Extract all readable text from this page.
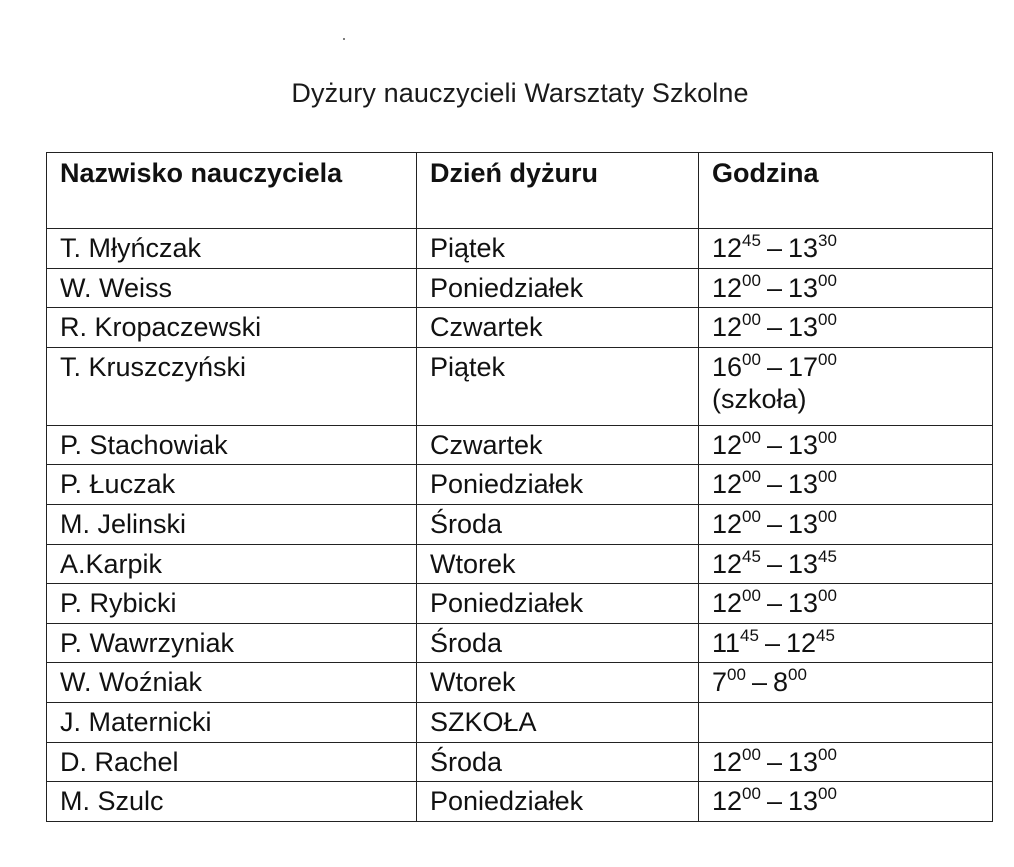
Dyżury nauczycieli Warsztaty Szkolne
Nazwisko nauczyciela	Dzień dyżuru	Godzina
T. Młyńczak	Piątek	$12^{45} - 13^{30}$
W. Weiss	Poniedziałek	$12^{00} - 13^{00}$
R. Kropaczewski	Czwartek	$12^{00} - 13^{00}$
T. Kruszczyński	Piątek	$16^{00} - 17^{00}$
(szkoła)

P. Stachowiak	Czwartek	$12^{00} - 13^{00}$
P. Łuczak	Poniedziałek	$12^{00} - 13^{00}$
M. Jelinski	Środa	$12^{00} - 13^{00}$
A.Karpik	Wtorek	$12^{45} - 13^{45}$
P. Rybicki	Poniedziałek	$12^{00} - 13^{00}$
P. Wawrzyniak	Środa	$11^{45} - 12^{45}$
W. Woźniak	Wtorek	$7^{00} - 8^{00}$
J. Maternicki	SZKOŁA	
D. Rachel	Środa	$12^{00} - 13^{00}$
M. Szulc	Poniedziałek	$12^{00} - 13^{00}$
